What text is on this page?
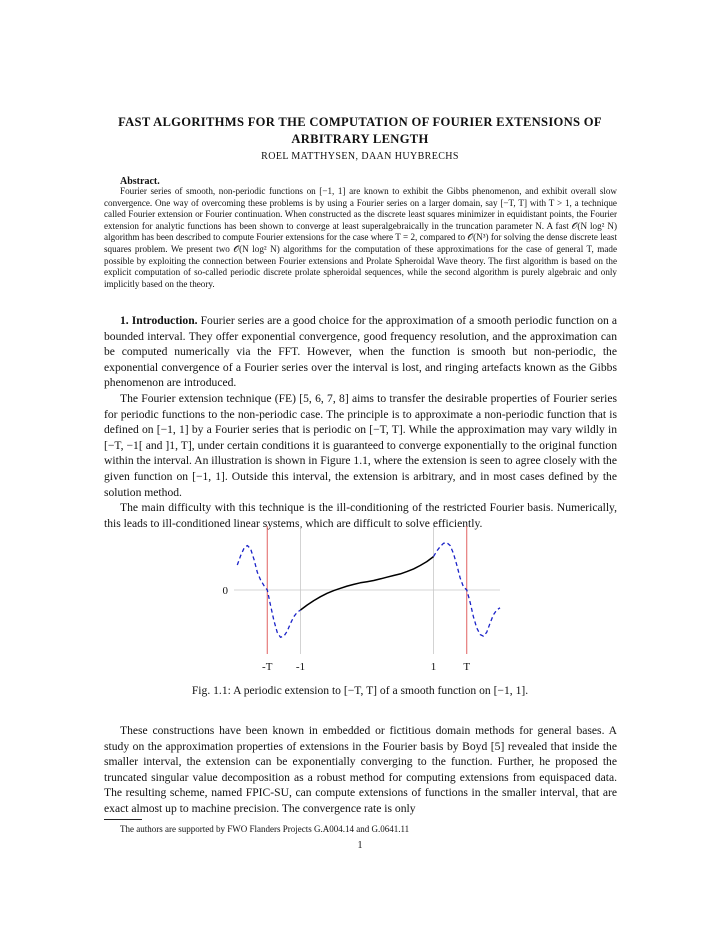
FAST ALGORITHMS FOR THE COMPUTATION OF FOURIER EXTENSIONS OF ARBITRARY LENGTH
ROEL MATTHYSEN, DAAN HUYBRECHS
Abstract.
Fourier series of smooth, non-periodic functions on [−1, 1] are known to exhibit the Gibbs phenomenon, and exhibit overall slow convergence. One way of overcoming these problems is by using a Fourier series on a larger domain, say [−T, T] with T > 1, a technique called Fourier extension or Fourier continuation. When constructed as the discrete least squares minimizer in equidistant points, the Fourier extension for analytic functions has been shown to converge at least superalgebraically in the truncation parameter N. A fast 𝒪(N log² N) algorithm has been described to compute Fourier extensions for the case where T = 2, compared to 𝒪(N³) for solving the dense discrete least squares problem. We present two 𝒪(N log² N) algorithms for the computation of these approximations for the case of general T, made possible by exploiting the connection between Fourier extensions and Prolate Spheroidal Wave theory. The first algorithm is based on the explicit computation of so-called periodic discrete prolate spheroidal sequences, while the second algorithm is purely algebraic and only implicitly based on the theory.

1. Introduction. Fourier series are a good choice for the approximation of a smooth periodic function on a bounded interval. They offer exponential convergence, good frequency resolution, and the approximation can be computed numerically via the FFT. However, when the function is smooth but non-periodic, the exponential convergence of a Fourier series over the interval is lost, and ringing artefacts known as the Gibbs phenomenon are introduced.

The Fourier extension technique (FE) [5, 6, 7, 8] aims to transfer the desirable properties of Fourier series for periodic functions to the non-periodic case. The principle is to approximate a non-periodic function that is defined on [−1, 1] by a Fourier series that is periodic on [−T, T]. While the approximation may vary wildly in [−T, −1[ and ]1, T], under certain conditions it is guaranteed to converge exponentially to the original function within the interval. An illustration is shown in Figure 1.1, where the extension is seen to agree closely with the given function on [−1, 1]. Outside this interval, the extension is arbitrary, and in most cases defined by the solution method.

The main difficulty with this technique is the ill-conditioning of the restricted Fourier basis. Numerically, this leads to ill-conditioned linear systems, which are difficult to solve efficiently.

-T -1	1 T
0
Fig. 1.1: A periodic extension to [−T, T] of a smooth function on [−1, 1].

These constructions have been known in embedded or fictitious domain methods for general bases. A study on the approximation properties of extensions in the Fourier basis by Boyd [5] revealed that inside the smaller interval, the extension can be exponentially converging to the function. Further, he proposed the truncated singular value decomposition as a robust method for computing extensions from equispaced data. The resulting scheme, named FPIC-SU, can compute extensions of functions in the smaller interval, that are exact almost up to machine precision. The convergence rate is only

The authors are supported by FWO Flanders Projects G.A004.14 and G.0641.11
1
